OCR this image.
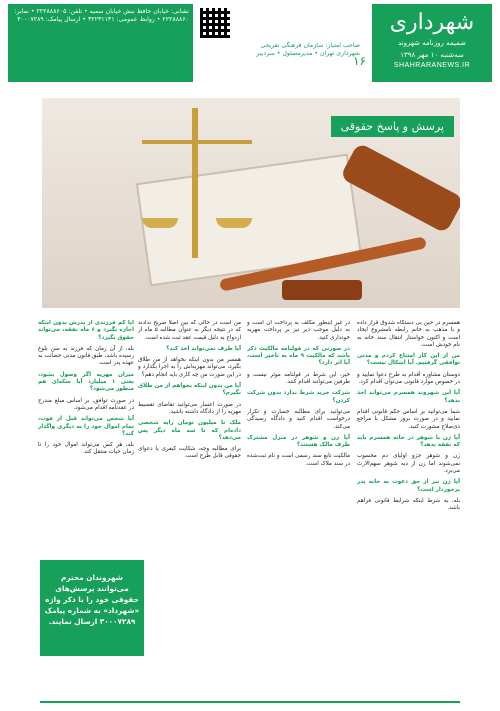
شهرداری
ضمیمه روزنامه شهروند
سه‌شنبه ۱۰ مهر ۱۳۹۸
SHAHRARANEWS.IR
۱۶
نشانی: خیابان حافظ نبش خیابان سمیه • تلفن: ۲۲۲۸۸۸۶۰۵ • نمابر: ۲۲۲۸۸۸۶۰ • روابط عمومی: ۳۲۲۳۱۱۳۱ • ارسال پیامک: ۳۰۰۰۷۲۸۹
صاحب امتیاز: سازمان فرهنگی تفریحی شهرداری تهران • مدیرمسئول • سردبیر
پرسش و پاسخ حقوقی

همسرم در حین بی دستگاه شدوق قرار داده و با مذهب به خانم رابطه نامشروع ایجاد است و اکنون خواستار انتقال سند خانه به نام خودش است.

من از این کار امتناع کردم و مدتی توافقی گرفتیم. آیا اشکال نیست؟

دوستان مشاوره اقدام به طرح دعوا نمایید و در خصوص موارد قانونی می‌توان اقدام کرد.

آیا این شهروند همسرم می‌تواند اخذ بدهد؟

شما می‌توانید بر اساس حکم قانونی اقدام نمایید و در صورت بروز مشکل با مراجع ذی‌صلاح مشورت کنید.

آیا زن با شوهر در خانه همسرم باید که نفقه بدهد؟

زن و شوهر جزو اولیای دم محسوب نمی‌شوند اما زن از دیه شوهر سهم‌الارث می‌برد.

آیا زن نیز از حق دعوت به خانه پدر برخوردار است؟

بله، به شرط اینکه شرایط قانونی فراهم باشد.

در غیر اینطور مکلف به پرداخت آن است و به دلیل موجب دیر نیز بر پرداخت مهریه خودداری کنید.

در صورتی که در قولنامه مالکیت ذکر باشد که مالکیت ۹ ماه به تاخیر است، آیا اثر دارد؟

خیر، این شرط در قولنامه موثر نیست و طرفین می‌توانند اقدام کنند.

شرکت خرید شرط ندارد بدون شرکت کردن؟

می‌توانید برای مطالبه خسارت و تکرار درخواست اقدام کنید و دادگاه رسیدگی می‌کند.

آیا زن و شوهر در منزل مشترک طرف مالک هستند؟

مالکیت تابع سند رسمی است و نام ثبت‌شده در سند ملاک است.

من است در حالی که بین اصلاً صریح ندادند که در نتیجه دیگر به عنوان مطالبه ۵ ماه از ازدواج به دلیل قیمت عقد ثبت شده است.

آیا طرف نمی‌تواند اخذ کند؟

همسر من بدون اینکه بخواهد از من طلاق بگیرد، می‌تواند مهریه‌اش را به اجرا بگذارد و در این صورت من چه کاری باید انجام دهم؟

آیا من بدون اینکه بخواهم از من طلاق بگیرم؟

در صورت اعسار می‌توانید تقاضای تقسیط مهریه را از دادگاه داشته باشید.

ملک تا میلیون تومان رایه شخصی داده‌ام که تا سه ماه دیگر پس می‌دهد؟

برای مطالبه وجه، شکایت کیفری یا دعوای حقوقی قابل طرح است.

آیا گم فرزندی از پدرش بدون اینکه اجازه بگیرد و ۶ ماه نفقه، می‌تواند حقوق بگیرد؟

بله، از آن زمان که فرزند به سن بلوغ رسیده باشد، طبق قانون مدنی حضانت به عهده پدر است.

میزان مهریه اگر وصول بشود، یعنی ۱ میلیارد آیا سکه‌ای هم منظور می‌شود؟

در صورت توافق، بر اساس مبلغ مندرج در عقدنامه اقدام می‌شود.

آیا شخص می‌تواند قبل از فوت، تمام اموال خود را به دیگری واگذار کند؟

بله، هر کس می‌تواند اموال خود را تا زمان حیات منتقل کند.

شهروندان محترم
می‌توانند پرسش‌های
حقوقی خود را با ذکر واژه
«شهرداد» به شماره پیامک
۳۰۰۰۷۲۸۹ ارسال نمایند.
